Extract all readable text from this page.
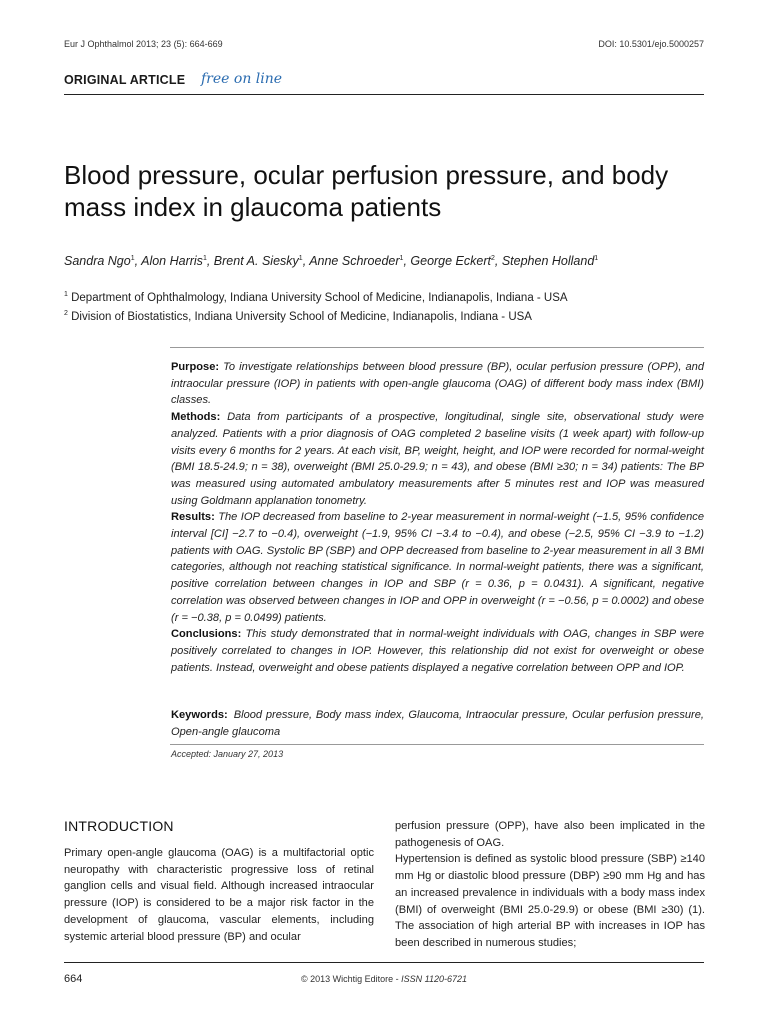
Eur J Ophthalmol 2013; 23 (5): 664-669	DOI: 10.5301/ejo.5000257
ORIGINAL ARTICLE free on line
Blood pressure, ocular perfusion pressure, and body mass index in glaucoma patients
Sandra Ngo$^1$, Alon Harris$^1$, Brent A. Siesky$^1$, Anne Schroeder$^1$, George Eckert$^2$, Stephen Holland$^1$
$^1$ Department of Ophthalmology, Indiana University School of Medicine, Indianapolis, Indiana - USA
$^2$ Division of Biostatistics, Indiana University School of Medicine, Indianapolis, Indiana - USA

Purpose: To investigate relationships between blood pressure (BP), ocular perfusion pressure (OPP), and intraocular pressure (IOP) in patients with open-angle glaucoma (OAG) of different body mass index (BMI) classes.

Methods: Data from participants of a prospective, longitudinal, single site, observational study were analyzed. Patients with a prior diagnosis of OAG completed 2 baseline visits (1 week apart) with follow-up visits every 6 months for 2 years. At each visit, BP, weight, height, and IOP were recorded for normal-weight (BMI 18.5-24.9; n = 38), overweight (BMI 25.0-29.9; n = 43), and obese (BMI ≥30; n = 34) patients: The BP was measured using automated ambulatory measurements after 5 minutes rest and IOP was measured using Goldmann applanation tonometry.

Results: The IOP decreased from baseline to 2-year measurement in normal-weight (−1.5, 95% confidence interval [CI] −2.7 to −0.4), overweight (−1.9, 95% CI −3.4 to −0.4), and obese (−2.5, 95% CI −3.9 to −1.2) patients with OAG. Systolic BP (SBP) and OPP decreased from baseline to 2-year measurement in all 3 BMI categories, although not reaching statistical significance. In normal-weight patients, there was a significant, positive correlation between changes in IOP and SBP (r = 0.36, p = 0.0431). A significant, negative correlation was observed between changes in IOP and OPP in overweight (r = −0.56, p = 0.0002) and obese (r = −0.38, p = 0.0499) patients.

Conclusions: This study demonstrated that in normal-weight individuals with OAG, changes in SBP were positively correlated to changes in IOP. However, this relationship did not exist for overweight or obese patients. Instead, overweight and obese patients displayed a negative correlation between OPP and IOP.

Keywords: Blood pressure, Body mass index, Glaucoma, Intraocular pressure, Ocular perfusion pressure, Open-angle glaucoma
Accepted: January 27, 2013
INTRODUCTION

Primary open-angle glaucoma (OAG) is a multifactorial optic neuropathy with characteristic progressive loss of retinal ganglion cells and visual field. Although increased intraocular pressure (IOP) is considered to be a major risk factor in the development of glaucoma, vascular elements, including systemic arterial blood pressure (BP) and ocular

perfusion pressure (OPP), have also been implicated in the pathogenesis of OAG.

Hypertension is defined as systolic blood pressure (SBP) ≥140 mm Hg or diastolic blood pressure (DBP) ≥90 mm Hg and has an increased prevalence in individuals with a body mass index (BMI) of overweight (BMI 25.0-29.9) or obese (BMI ≥30) (1). The association of high arterial BP with increases in IOP has been described in numerous studies;

664	© 2013 Wichtig Editore - ISSN 1120-6721
